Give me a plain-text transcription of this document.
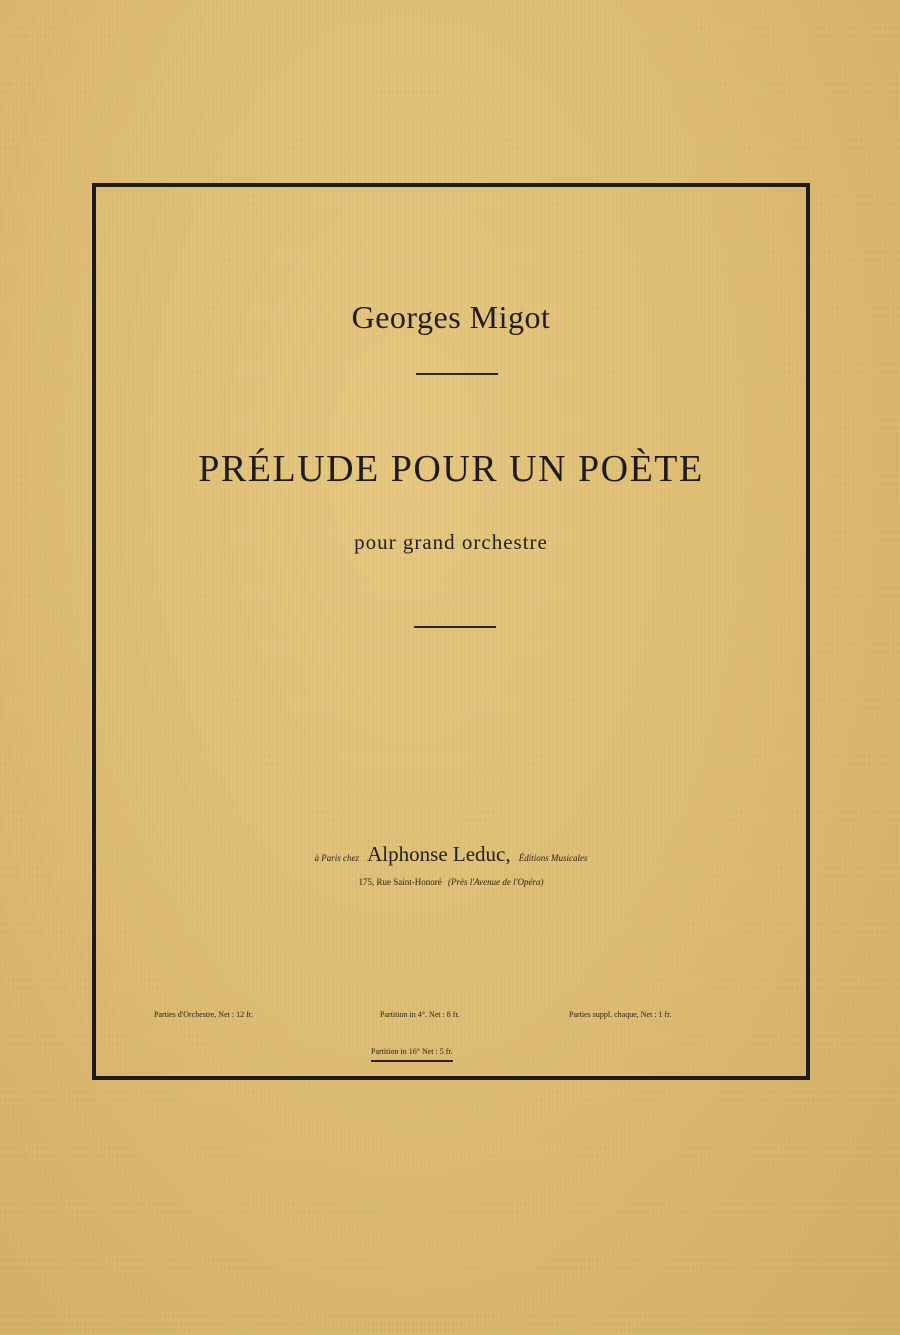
Georges Migot
PRÉLUDE POUR UN POÈTE
pour grand orchestre
à Paris chez Alphonse Leduc, Éditions Musicales
175, Rue Saint-Honoré (Près l'Avenue de l'Opéra)
Parties d'Orchestre, Net : 12 fr.	Partition in 4°. Net : 8 fr.	Parties suppl. chaque, Net : 1 fr.
Partition in 16° Net : 5 fr.
